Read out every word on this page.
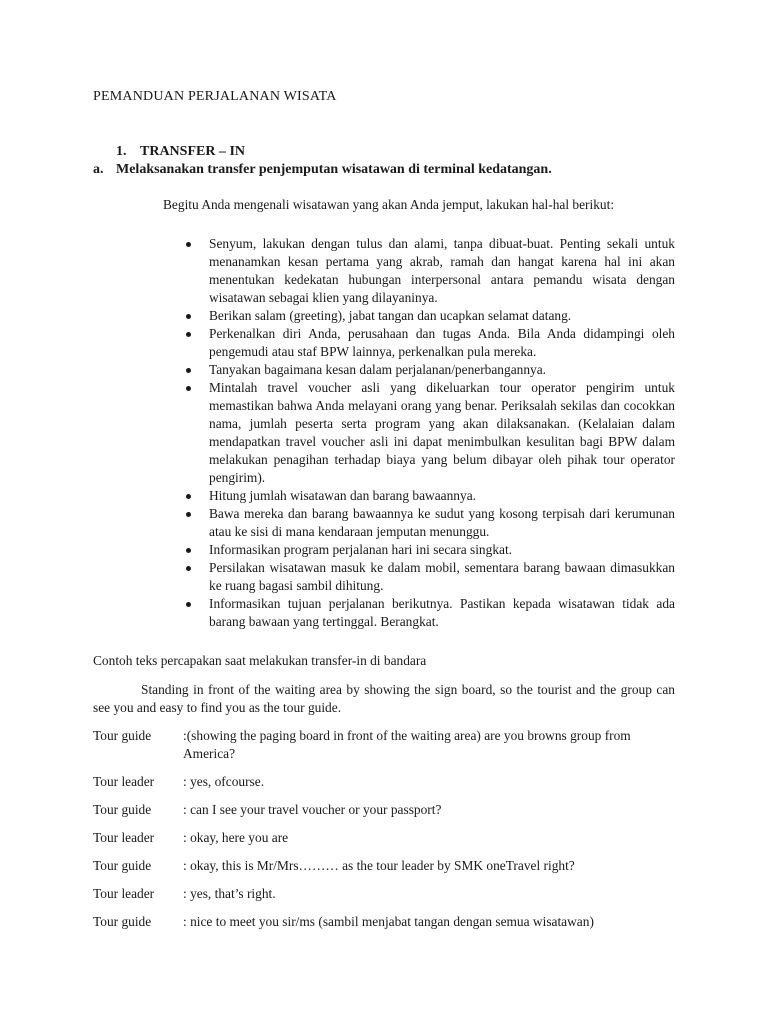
PEMANDUAN PERJALANAN WISATA
1. TRANSFER – IN
a. Melaksanakan transfer penjemputan wisatawan di terminal kedatangan.
Begitu Anda mengenali wisatawan yang akan Anda jemput, lakukan hal-hal berikut:
Senyum, lakukan dengan tulus dan alami, tanpa dibuat-buat. Penting sekali untuk menanamkan kesan pertama yang akrab, ramah dan hangat karena hal ini akan menentukan kedekatan hubungan interpersonal antara pemandu wisata dengan wisatawan sebagai klien yang dilayaninya.
Berikan salam (greeting), jabat tangan dan ucapkan selamat datang.
Perkenalkan diri Anda, perusahaan dan tugas Anda. Bila Anda didampingi oleh pengemudi atau staf BPW lainnya, perkenalkan pula mereka.
Tanyakan bagaimana kesan dalam perjalanan/penerbangannya.
Mintalah travel voucher asli yang dikeluarkan tour operator pengirim untuk memastikan bahwa Anda melayani orang yang benar. Periksalah sekilas dan cocokkan nama, jumlah peserta serta program yang akan dilaksanakan. (Kelalaian dalam mendapatkan travel voucher asli ini dapat menimbulkan kesulitan bagi BPW dalam melakukan penagihan terhadap biaya yang belum dibayar oleh pihak tour operator pengirim).
Hitung jumlah wisatawan dan barang bawaannya.
Bawa mereka dan barang bawaannya ke sudut yang kosong terpisah dari kerumunan atau ke sisi di mana kendaraan jemputan menunggu.
Informasikan program perjalanan hari ini secara singkat.
Persilakan wisatawan masuk ke dalam mobil, sementara barang bawaan dimasukkan ke ruang bagasi sambil dihitung.
Informasikan tujuan perjalanan berikutnya. Pastikan kepada wisatawan tidak ada barang bawaan yang tertinggal. Berangkat.
Contoh teks percapakan saat melakukan transfer-in di bandara
Standing in front of the waiting area by showing the sign board, so the tourist and the group can see you and easy to find you as the tour guide.
Tour guide	:(showing the paging board in front of the waiting area) are you browns group from America?
Tour leader	: yes, ofcourse.
Tour guide	: can I see your travel voucher or your passport?
Tour leader	: okay, here you are
Tour guide	: okay, this is Mr/Mrs……… as the tour leader by SMK oneTravel right?
Tour leader	: yes, that’s right.
Tour guide	: nice to meet you sir/ms (sambil menjabat tangan dengan semua wisatawan)
